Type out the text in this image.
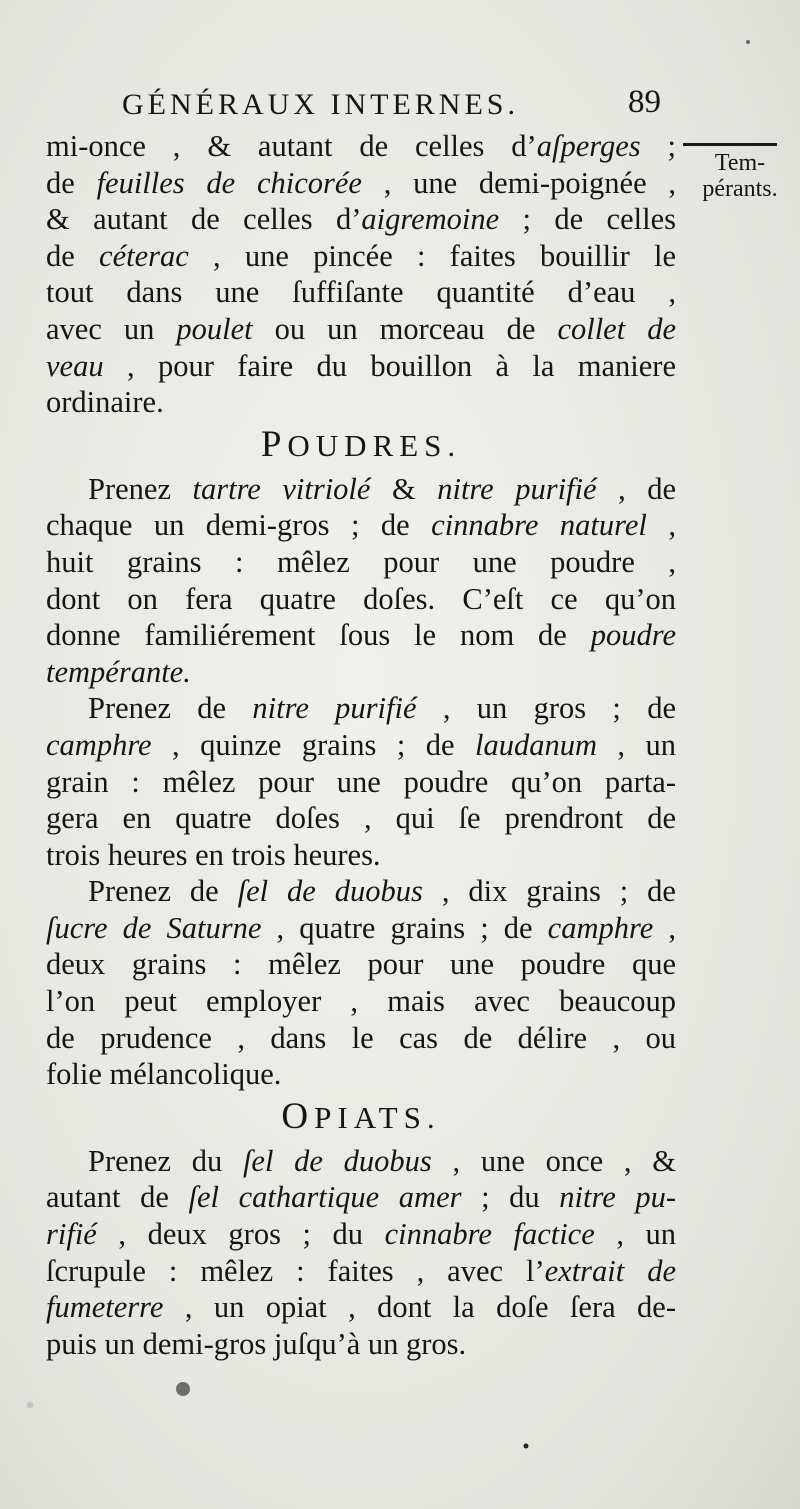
GÉNÉRAUX INTERNES.	89
Tem-
pérants.
mi-once , & autant de celles d’aſperges ;
de feuilles de chicorée , une demi-poignée ,
& autant de celles d’aigremoine ; de celles
de céterac , une pincée : faites bouillir le
tout dans une ſuffiſante quantité d’eau ,
avec un poulet ou un morceau de collet de
veau , pour faire du bouillon à la maniere
ordinaire.
POUDRES.
Prenez tartre vitriolé & nitre purifié , de
chaque un demi-gros ; de cinnabre naturel ,
huit grains : mêlez pour une poudre ,
dont on fera quatre doſes. C’eſt ce qu’on
donne familiérement ſous le nom de poudre
tempérante.
Prenez de nitre purifié , un gros ; de
camphre , quinze grains ; de laudanum , un
grain : mêlez pour une poudre qu’on parta-
gera en quatre doſes , qui ſe prendront de
trois heures en trois heures.
Prenez de ſel de duobus , dix grains ; de
ſucre de Saturne , quatre grains ; de camphre ,
deux grains : mêlez pour une poudre que
l’on peut employer , mais avec beaucoup
de prudence , dans le cas de délire , ou
folie mélancolique.
OPIATS.
Prenez du ſel de duobus , une once , &
autant de ſel cathartique amer ; du nitre pu-
rifié , deux gros ; du cinnabre factice , un
ſcrupule : mêlez : faites , avec l’extrait de
fumeterre , un opiat , dont la doſe ſera de-
puis un demi-gros juſqu’à un gros.
